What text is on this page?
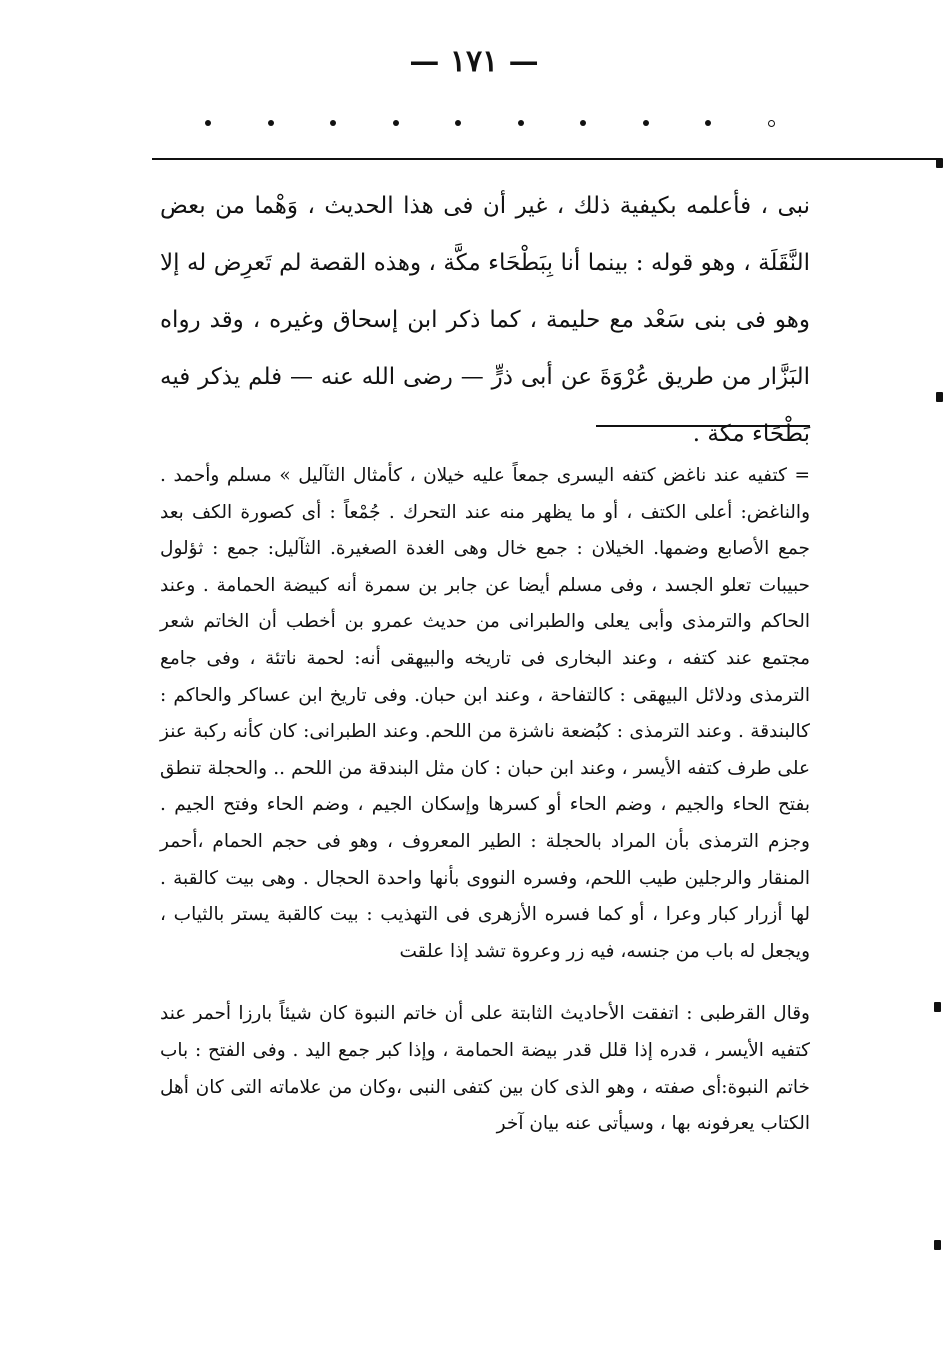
— ١٧١ —

نبى ، فأعلمه بكيفية ذلك ، غير أن فى هذا الحديث ، وَهْما من بعض النَّقَلَة ، وهو قوله : بينما أنا بِبَطْحَاء مكَّة ، وهذه القصة لم تَعرِض له إلا وهو فى بنى سَعْد مع حليمة ، كما ذكر ابن إسحاق وغيره ، وقد رواه البَزَّار من طريق عُرْوَةَ عن أبى ذرٍّ — رضى الله عنه — فلم يذكر فيه بَطْحَاء مكة .

= كتفيه عند ناغض كتفه اليسرى جمعاً عليه خيلان ، كأمثال الثآليل » مسلم وأحمد . والناغض: أعلى الكتف ، أو ما يظهر منه عند التحرك . جُمْعاً : أى كصورة الكف بعد جمع الأصابع وضمها. الخيلان : جمع خال وهى الغدة الصغيرة. الثآليل: جمع : ثؤلول حبيبات تعلو الجسد ، وفى مسلم أيضا عن جابر بن سمرة أنه كبيضة الحمامة . وعند الحاكم والترمذى وأبى يعلى والطبرانى من حديث عمرو بن أخطب أن الخاتم شعر مجتمع عند كتفه ، وعند البخارى فى تاريخه والبيهقى أنه: لحمة ناتئة ، وفى جامع الترمذى ودلائل البيهقى : كالتفاحة ، وعند ابن حبان. وفى تاريخ ابن عساكر والحاكم : كالبندقة . وعند الترمذى : كبُضعة ناشزة من اللحم. وعند الطبرانى: كان كأنه ركبة عنز على طرف كتفه الأيسر ، وعند ابن حبان : كان مثل البندقة من اللحم .. والحجلة تنطق بفتح الحاء والجيم ، وضم الحاء أو كسرها وإسكان الجيم ، وضم الحاء وفتح الجيم . وجزم الترمذى بأن المراد بالحجلة : الطير المعروف ، وهو فى حجم الحمام ،أحمر المنقار والرجلين طيب اللحم، وفسره النووى بأنها واحدة الحجال . وهى بيت كالقبة . لها أزرار كبار وعرا ، أو كما فسره الأزهرى فى التهذيب : بيت كالقبة يستر بالثياب ، ويجعل له باب من جنسه، فيه زر وعروة تشد إذا علقت

وقال القرطبى : اتفقت الأحاديث الثابتة على أن خاتم النبوة كان شيئاً بارزا أحمر عند كتفيه الأيسر ، قدره إذا قلل قدر بيضة الحمامة ، وإذا كبر جمع اليد . وفى الفتح : باب خاتم النبوة:أى صفته ، وهو الذى كان بين كتفى النبى ،وكان من علاماته التى كان أهل الكتاب يعرفونه بها ، وسيأتى عنه بيان آخر
